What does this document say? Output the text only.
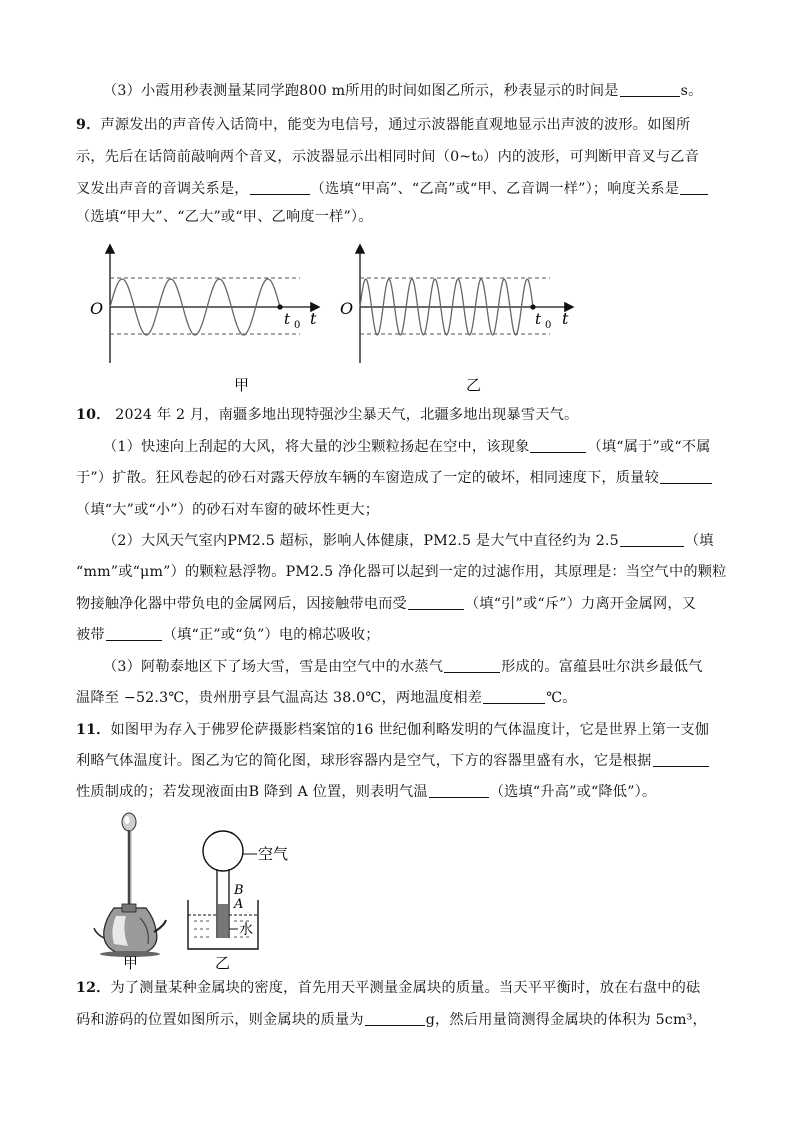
（3）小霞用秒表测量某同学跑800 m所用的时间如图乙所示，秒表显示的时间是	s。
9．声源发出的声音传入话筒中，能变为电信号，通过示波器能直观地显示出声波的波形。如图所
示，先后在话筒前敲响两个音叉，示波器显示出相同时间（0~t₀）内的波形，可判断甲音叉与乙音
叉发出声音的音调关系是，	（选填“甲高”、“乙高”或“甲、乙音调一样”）；响度关系是
（选填“甲大”、“乙大”或“甲、乙响度一样”）。
O
t 0 t
O
t 0 t
甲	乙
10． 2024 年 2 月，南疆多地出现特强沙尘暴天气，北疆多地出现暴雪天气。
（1）快速向上刮起的大风，将大量的沙尘颗粒扬起在空中，该现象	（填“属于”或“不属
于”）扩散。狂风卷起的砂石对露天停放车辆的车窗造成了一定的破坏，相同速度下，质量较
（填“大”或“小”）的砂石对车窗的破坏性更大；
（2）大风天气室内PM2.5 超标，影响人体健康，PM2.5 是大气中直径约为 2.5	（填
“mm”或“μm”）的颗粒悬浮物。PM2.5 净化器可以起到一定的过滤作用，其原理是：当空气中的颗粒
物接触净化器中带负电的金属网后，因接触带电而受	（填“引”或“斥”）力离开金属网，又
被带	（填“正”或“负”）电的棉芯吸收；
（3）阿勒泰地区下了场大雪，雪是由空气中的水蒸气	形成的。富蕴县吐尔洪乡最低气
温降至 −52.3℃，贵州册亨县气温高达 38.0℃，两地温度相差	℃。
11．如图甲为存入于佛罗伦萨摄影档案馆的16 世纪伽利略发明的气体温度计，它是世界上第一支伽
利略气体温度计。图乙为它的简化图，球形容器内是空气，下方的容器里盛有水，它是根据
性质制成的；若发现液面由B 降到 A 位置，则表明气温	（选填“升高”或“降低”）。
甲
空气
B
A
水
乙
12．为了测量某种金属块的密度，首先用天平测量金属块的质量。当天平平衡时，放在右盘中的砝
码和游码的位置如图所示，则金属块的质量为	g，然后用量筒测得金属块的体积为 5cm³，
